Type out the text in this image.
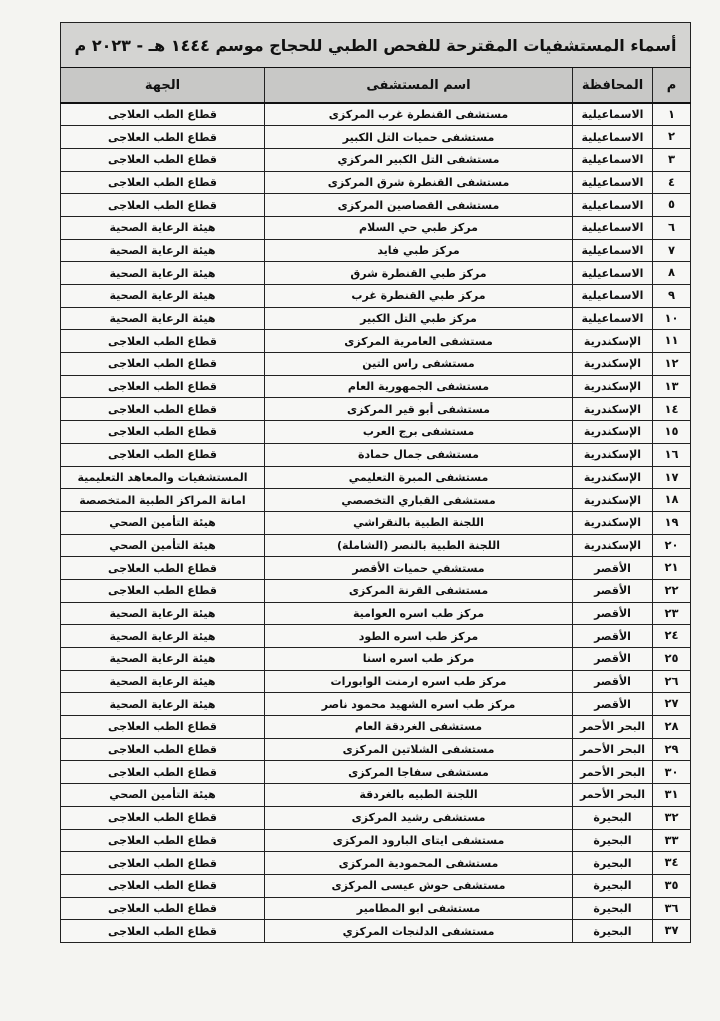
أسماء المستشفيات المقترحة للفحص الطبي للحجاج موسم ١٤٤٤ هـ - ٢٠٢٣ م			
م	المحافظة	اسم المستشفى	الجهة
١	الاسماعيلية	مستشفى القنطرة غرب المركزى	قطاع الطب العلاجى
٢	الاسماعيلية	مستشفى حميات التل الكبير	قطاع الطب العلاجى
٣	الاسماعيلية	مستشفى التل الكبير المركزي	قطاع الطب العلاجى
٤	الاسماعيلية	مستشفى القنطرة شرق المركزى	قطاع الطب العلاجى
٥	الاسماعيلية	مستشفى القصاصين المركزى	قطاع الطب العلاجى
٦	الاسماعيلية	مركز طبي حي السلام	هيئة الرعاية الصحية
٧	الاسماعيلية	مركز طبي فايد	هيئة الرعاية الصحية
٨	الاسماعيلية	مركز طبي القنطرة شرق	هيئة الرعاية الصحية
٩	الاسماعيلية	مركز طبي القنطرة غرب	هيئة الرعاية الصحية
١٠	الاسماعيلية	مركز طبي التل الكبير	هيئة الرعاية الصحية
١١	الإسكندرية	مستشفى العامرية المركزى	قطاع الطب العلاجى
١٢	الإسكندرية	مستشفى راس التين	قطاع الطب العلاجى
١٣	الإسكندرية	مستشفى الجمهورية العام	قطاع الطب العلاجى
١٤	الإسكندرية	مستشفى أبو قير المركزى	قطاع الطب العلاجى
١٥	الإسكندرية	مستشفى برج العرب	قطاع الطب العلاجى
١٦	الإسكندرية	مستشفى جمال حمادة	قطاع الطب العلاجى
١٧	الإسكندرية	مستشفى المبرة التعليمي	المستشفيات والمعاهد التعليمية
١٨	الإسكندرية	مستشفى القباري التخصصي	امانة المراكز الطبية المتخصصة
١٩	الإسكندرية	اللجنة الطبية بالنقراشي	هيئة التأمين الصحي
٢٠	الإسكندرية	اللجنة الطبية بالنصر (الشاملة)	هيئة التأمين الصحي
٢١	الأقصر	مستشفي حميات الأقصر	قطاع الطب العلاجى
٢٢	الأقصر	مستشفى القرنة المركزى	قطاع الطب العلاجى
٢٣	الأقصر	مركز طب اسره العوامية	هيئة الرعاية الصحية
٢٤	الأقصر	مركز طب اسره الطود	هيئة الرعاية الصحية
٢٥	الأقصر	مركز طب اسره اسنا	هيئة الرعاية الصحية
٢٦	الأقصر	مركز طب اسره ارمنت الوابورات	هيئة الرعاية الصحية
٢٧	الأقصر	مركز طب اسره الشهيد محمود ناصر	هيئة الرعاية الصحية
٢٨	البحر الأحمر	مستشفى الغردقة العام	قطاع الطب العلاجى
٢٩	البحر الأحمر	مستشفى الشلاتين المركزى	قطاع الطب العلاجى
٣٠	البحر الأحمر	مستشفى سفاجا المركزى	قطاع الطب العلاجى
٣١	البحر الأحمر	اللجنة الطبيه بالغردقة	هيئة التأمين الصحي
٣٢	البحيرة	مستشفى رشيد المركزى	قطاع الطب العلاجى
٣٣	البحيرة	مستشفى ايتاى البارود المركزى	قطاع الطب العلاجى
٣٤	البحيرة	مستشفى المحمودية المركزى	قطاع الطب العلاجى
٣٥	البحيرة	مستشفى حوش عيسى المركزى	قطاع الطب العلاجى
٣٦	البحيرة	مستشفى ابو المطامير	قطاع الطب العلاجى
٣٧	البحيرة	مستشفى الدلنجات المركزي	قطاع الطب العلاجى
